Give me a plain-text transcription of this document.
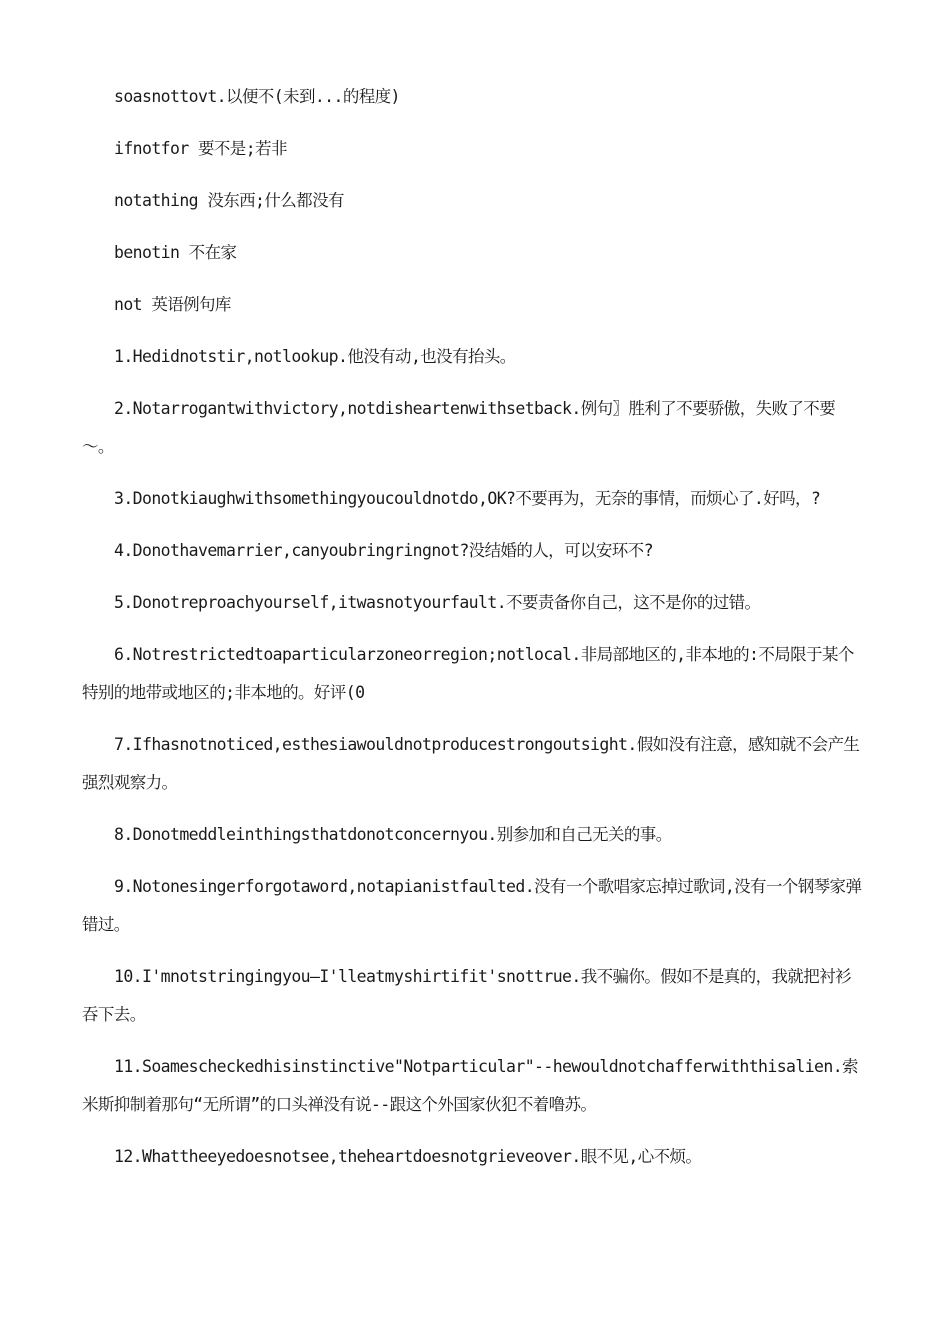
soasnottovt.以便不(未到...的程度)

ifnotfor 要不是;若非

notathing 没东西;什么都没有

benotin 不在家

not 英语例句库

1.Hedidnotstir,notlookup.他没有动,也没有抬头。

2.Notarrogantwithvictory,notdisheartenwithsetback.例句〗胜利了不要骄傲，失败了不要～。

3.Donotkiaughwithsomethingyoucouldnotdo,OK?不要再为，无奈的事情，而烦心了.好吗，?

4.Donothavemarrier,canyoubringringnot?没结婚的人，可以安环不?

5.Donotreproachyourself,itwasnotyourfault.不要责备你自己，这不是你的过错。

6.Notrestrictedtoaparticularzoneorregion;notlocal.非局部地区的,非本地的:不局限于某个特别的地带或地区的;非本地的。好评(0

7.Ifhasnotnoticed,esthesiawouldnotproducestrongoutsight.假如没有注意，感知就不会产生强烈观察力。

8.Donotmeddleinthingsthatdonotconcernyou.别参加和自己无关的事。

9.Notonesingerforgotaword,notapianistfaulted.没有一个歌唱家忘掉过歌词,没有一个钢琴家弹错过。

10.I'mnotstringingyou—I'lleatmyshirtifit'snottrue.我不骗你。假如不是真的，我就把衬衫吞下去。

11.Soamescheckedhisinstinctive"Notparticular"--hewouldnotchafferwiththisalien.索米斯抑制着那句“无所谓”的口头禅没有说--跟这个外国家伙犯不着噜苏。

12.Whattheeyedoesnotsee,theheartdoesnotgrieveover.眼不见,心不烦。
